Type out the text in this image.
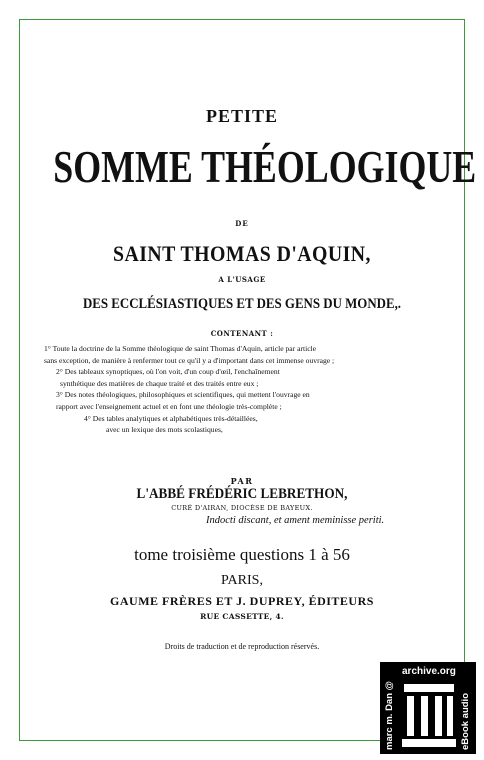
PETITE
SOMME THÉOLOGIQUE
DE
SAINT THOMAS D'AQUIN,
A L'USAGE
DES ECCLÉSIASTIQUES ET DES GENS DU MONDE,.
CONTENANT :
1° Toute la doctrine de la Somme théologique de saint Thomas d'Aquin, article par article
sans exception, de manière à renfermer tout ce qu'il y a d'important dans cet immense ouvrage ;
2° Des tableaux synoptiques, où l'on voit, d'un coup d'œil, l'enchaînement
synthétique des matières de chaque traité et des traités entre eux ;
3° Des notes théologiques, philosophiques et scientifiques, qui mettent l'ouvrage en
rapport avec l'enseignement actuel et en font une théologie très-complète ;
4° Des tables analytiques et alphabétiques très-détaillées,
avec un lexique des mots scolastiques,
PAR
L'ABBÉ FRÉDÉRIC LEBRETHON,
CURÉ D'AIRAN, DIOCÈSE DE BAYEUX.
Indocti discant, et ament meminisse periti.
tome troisième questions 1 à 56
PARIS,
GAUME FRÈRES ET J. DUPREY, ÉDITEURS
RUE CASSETTE, 4.
Droits de traduction et de reproduction réservés.
marc m. Dan @
archive.org
eBook audio
